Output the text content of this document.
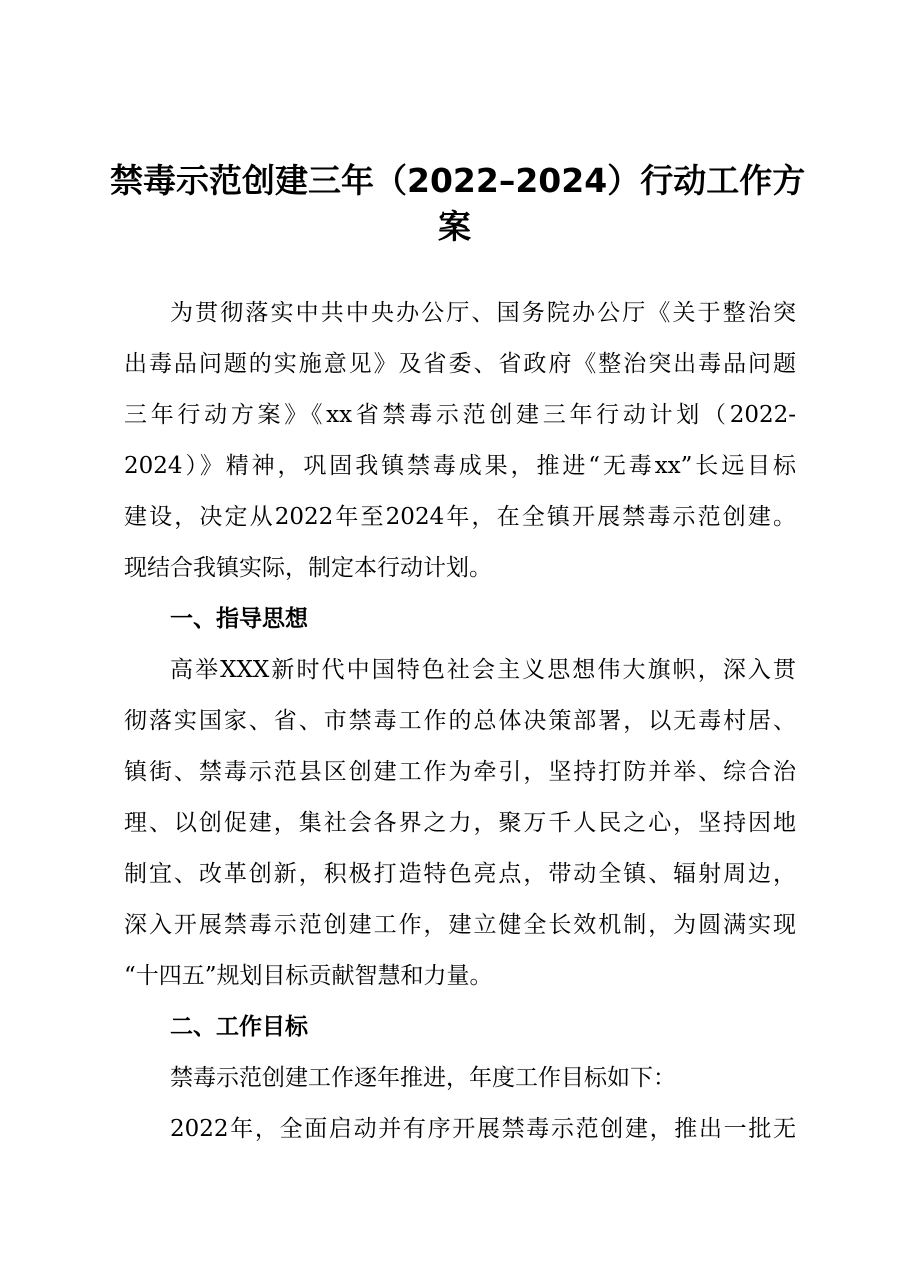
禁毒示范创建三年（2022–2024）行动工作方
案
为贯彻落实中共中央办公厅、国务院办公厅《关于整治突
出毒品问题的实施意见》及省委、省政府《整治突出毒品问题
三年行动方案》《xx省禁毒示范创建三年行动计划（2022-
2024）》精神，巩固我镇禁毒成果，推进“无毒xx”长远目标
建设，决定从2022年至2024年，在全镇开展禁毒示范创建。
现结合我镇实际，制定本行动计划。
一、指导思想
高举XXX新时代中国特色社会主义思想伟大旗帜，深入贯
彻落实国家、省、市禁毒工作的总体决策部署，以无毒村居、
镇街、禁毒示范县区创建工作为牵引，坚持打防并举、综合治
理、以创促建，集社会各界之力，聚万千人民之心，坚持因地
制宜、改革创新，积极打造特色亮点，带动全镇、辐射周边，
深入开展禁毒示范创建工作，建立健全长效机制，为圆满实现
“十四五”规划目标贡献智慧和力量。
二、工作目标
禁毒示范创建工作逐年推进，年度工作目标如下：
2022年，全面启动并有序开展禁毒示范创建，推出一批无
